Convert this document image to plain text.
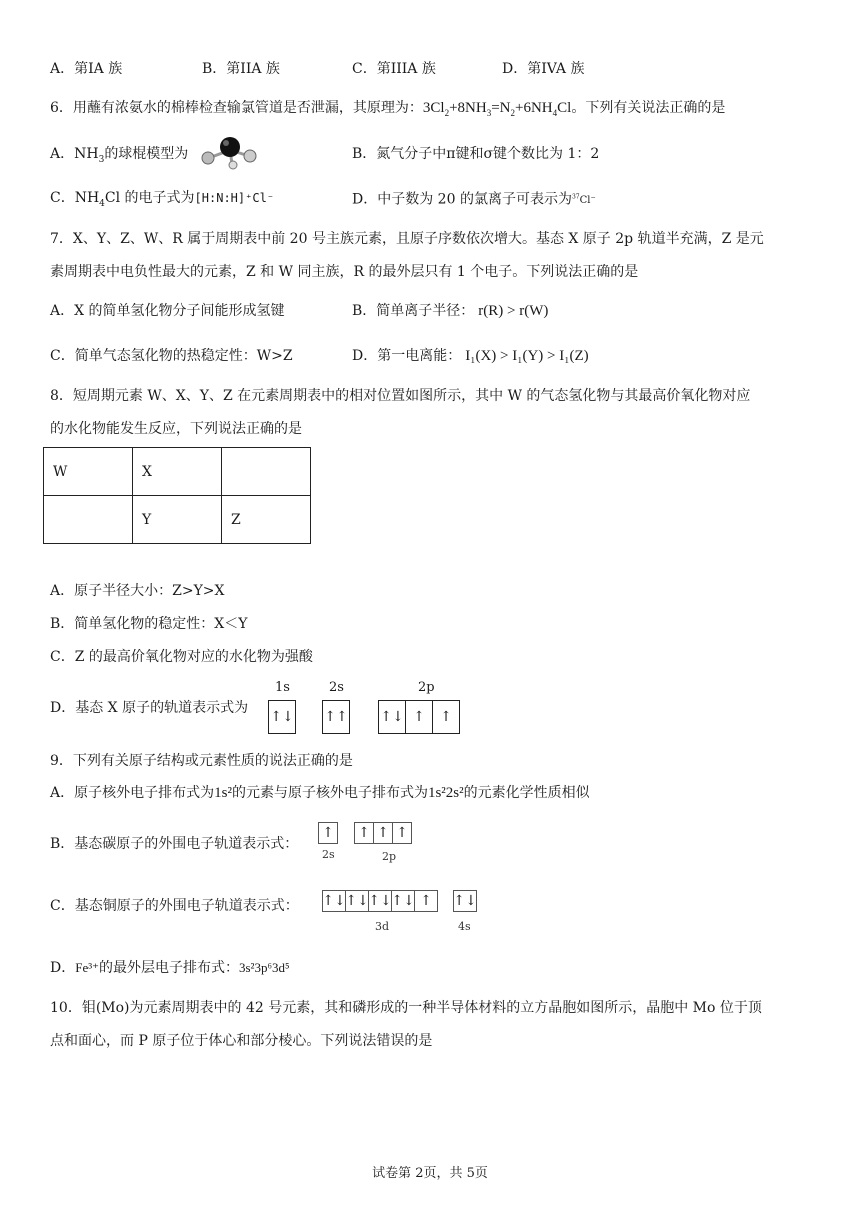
A．第IA 族	B．第IIA 族	C．第IIIA 族	D．第IVA 族
6．用蘸有浓氨水的棉棒检查输氯管道是否泄漏，其原理为：$3Cl_2+8NH_3=N_2+6NH_4Cl$。下列有关说法正确的是
A．$NH_3$的球棍模型为	B．氮气分子中π键和σ键个数比为 1：2
C．$NH_4Cl$ 的电子式为[H:N:H]⁺Cl⁻	D．中子数为 20 的氯离子可表示为$^{37}$Cl⁻
7．X、Y、Z、W、R 属于周期表中前 20 号主族元素，且原子序数依次增大。基态 X 原子 2p 轨道半充满，Z 是元
素周期表中电负性最大的元素，Z 和 W 同主族，R 的最外层只有 1 个电子。下列说法正确的是
A．X 的简单氢化物分子间能形成氢键	B．简单离子半径： r(R) > r(W)
C．简单气态氢化物的热稳定性：W>Z	D．第一电离能： I₁(X) > I₁(Y) > I₁(Z)
8．短周期元素 W、X、Y、Z 在元素周期表中的相对位置如图所示，其中 W 的气态氢化物与其最高价氧化物对应
的水化物能发生反应，下列说法正确的是
W	X	
	Y	Z
A．原子半径大小：Z>Y>X
B．简单氢化物的稳定性：X＜Y
C．Z 的最高价氧化物对应的水化物为强酸
D．基态 X 原子的轨道表示式为
1s	2s	2p
↑↓ ↑↑ ↑↓ ↑	↑
9．下列有关原子结构或元素性质的说法正确的是
A．原子核外电子排布式为1s²的元素与原子核外电子排布式为1s²2s²的元素化学性质相似
B．基态碳原子的外围电子轨道表示式：
↑ ↑ ↑ ↑
2s	2p
C．基态铜原子的外围电子轨道表示式： ↑↓ ↑↓ ↑↓ ↑↓ ↑	↑↓
3d	4s
D．Fe³⁺的最外层电子排布式：3s²3p⁶3d⁵
10．钼(Mo)为元素周期表中的 42 号元素，其和磷形成的一种半导体材料的立方晶胞如图所示，晶胞中 Mo 位于顶
点和面心，而 P 原子位于体心和部分棱心。下列说法错误的是
试卷第 2页，共 5页
